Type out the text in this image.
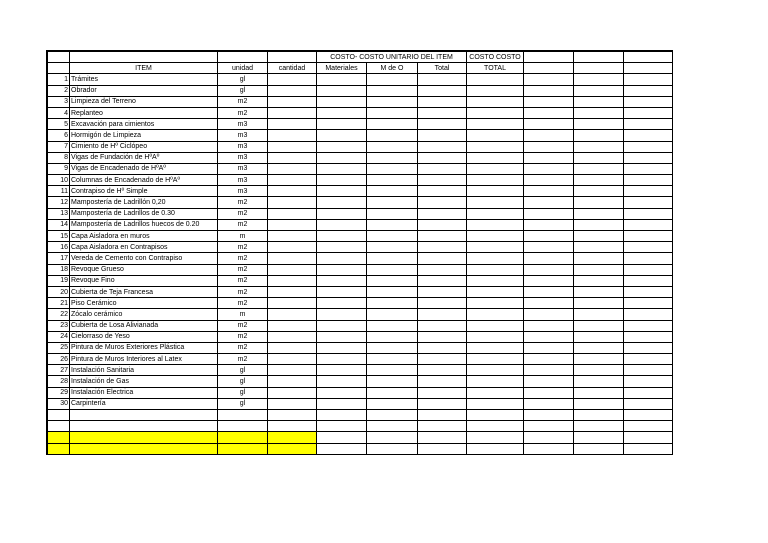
				COSTO- COSTO UNITARIO DEL ITEM			COSTO COSTO				
	ITEM	unidad	cantidad	Materiales	M de O	Total	TOTAL				
1	Trámites	gl									
2	Obrador	gl									
3	Limpieza del Terreno	m2									
4	Replanteo	m2									
5	Excavación para cimientos	m3									
6	Hormigón de Limpieza	m3									
7	Cimiento de Hº Ciclópeo	m3									
8	Vigas de Fundación de HºAº	m3									
9	Vigas de Encadenado de HºAº	m3									
10	Columnas de Encadenado de HºAº	m3									
11	Contrapiso de Hº Simple	m3									
12	Mampostería de Ladrillón 0,20	m2									
13	Mampostería de Ladrillos de 0.30	m2									
14	Mampostería de Ladrillos huecos de 0.20	m2									
15	Capa Aisladora en muros	m									
16	Capa Aisladora en Contrapisos	m2									
17	Vereda de Cemento con Contrapiso	m2									
18	Revoque Grueso	m2									
19	Revoque Fino	m2									
20	Cubierta de Teja Francesa	m2									
21	Piso Cerámico	m2									
22	Zócalo cerámico	m									
23	Cubierta de Losa Alivianada	m2									
24	Cielorraso de Yeso	m2									
25	Pintura de Muros Exteriores Plástica	m2									
26	Pintura de Muros Interiores al Latex	m2									
27	Instalación Sanitaria	gl									
28	Instalación de Gas	gl									
29	Instalación Electrica	gl									
30	Carpintería	gl									
